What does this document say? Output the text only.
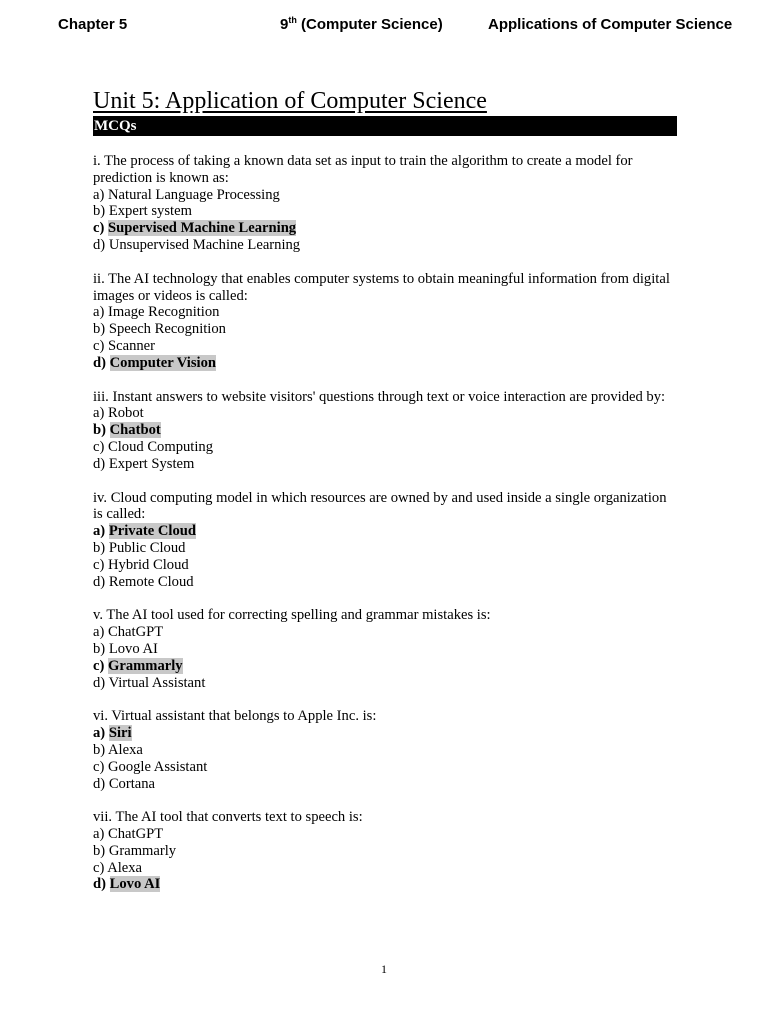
Chapter 5	9th (Computer Science)	Applications of Computer Science
Unit 5: Application of Computer Science
MCQs

i. The process of taking a known data set as input to train the algorithm to create a model for prediction is known as:

a) Natural Language Processing

b) Expert system

c) Supervised Machine Learning

d) Unsupervised Machine Learning

ii. The AI technology that enables computer systems to obtain meaningful information from digital images or videos is called:

a) Image Recognition

b) Speech Recognition

c) Scanner

d) Computer Vision

iii. Instant answers to website visitors' questions through text or voice interaction are provided by:

a) Robot

b) Chatbot

c) Cloud Computing

d) Expert System

iv. Cloud computing model in which resources are owned by and used inside a single organization is called:

a) Private Cloud

b) Public Cloud

c) Hybrid Cloud

d) Remote Cloud

v. The AI tool used for correcting spelling and grammar mistakes is:

a) ChatGPT

b) Lovo AI

c) Grammarly

d) Virtual Assistant

vi. Virtual assistant that belongs to Apple Inc. is:

a) Siri

b) Alexa

c) Google Assistant

d) Cortana

vii. The AI tool that converts text to speech is:

a) ChatGPT

b) Grammarly

c) Alexa

d) Lovo AI

1
